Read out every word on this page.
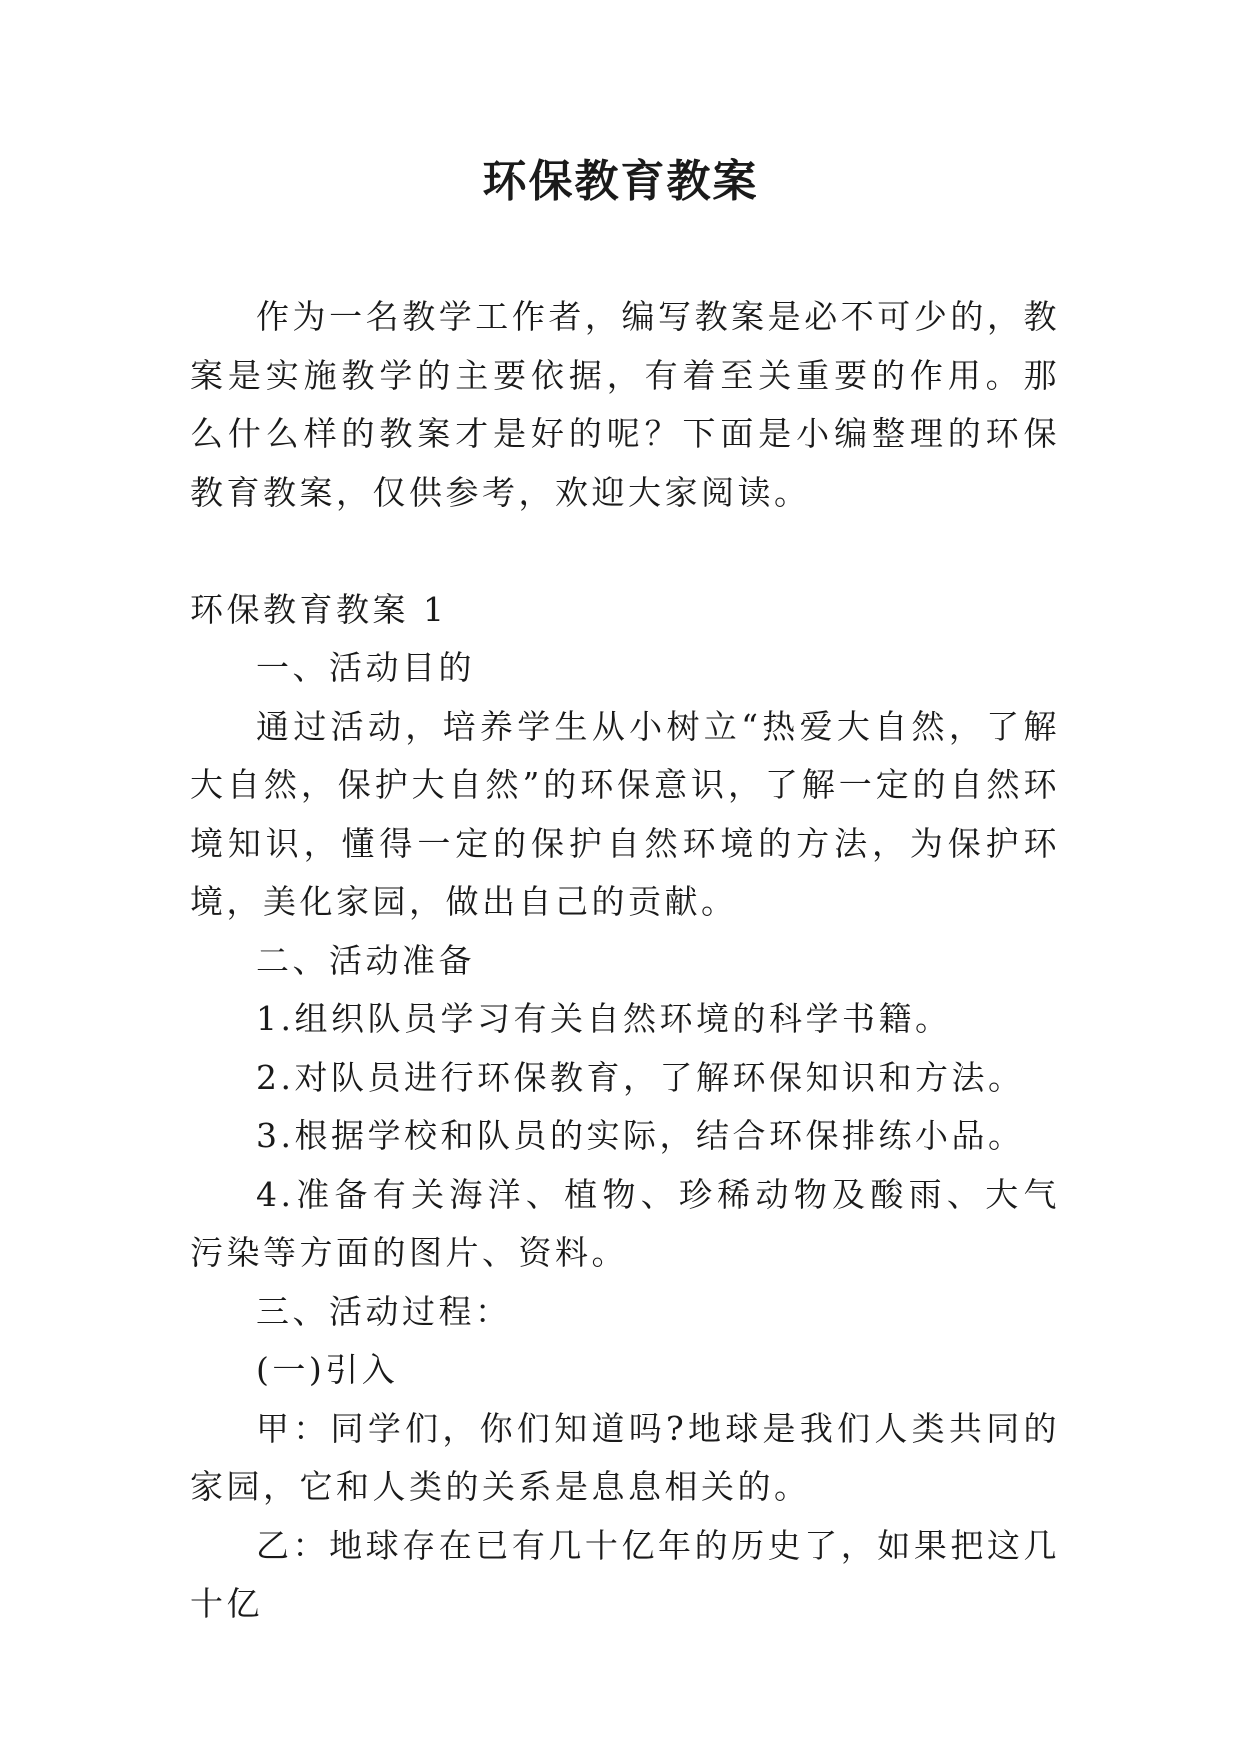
环保教育教案

作为一名教学工作者，编写教案是必不可少的，教案是实施教学的主要依据，有着至关重要的作用。那么什么样的教案才是好的呢？下面是小编整理的环保教育教案，仅供参考，欢迎大家阅读。

环保教育教案 1

一、活动目的

通过活动，培养学生从小树立“热爱大自然，了解大自然，保护大自然”的环保意识，了解一定的自然环境知识，懂得一定的保护自然环境的方法，为保护环境，美化家园，做出自己的贡献。

二、活动准备

1.组织队员学习有关自然环境的科学书籍。

2.对队员进行环保教育，了解环保知识和方法。

3.根据学校和队员的实际，结合环保排练小品。

4.准备有关海洋、植物、珍稀动物及酸雨、大气污染等方面的图片、资料。

三、活动过程：

(一)引入

甲：同学们，你们知道吗?地球是我们人类共同的家园，它和人类的关系是息息相关的。

乙：地球存在已有几十亿年的历史了，如果把这几十亿
